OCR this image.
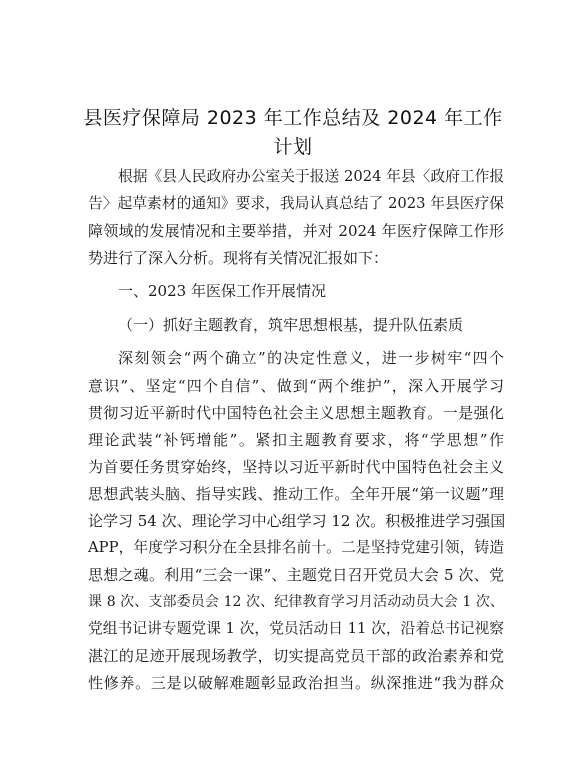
县医疗保障局 2023 年工作总结及 2024 年工作
计划
根据《县人民政府办公室关于报送 2024 年县〈政府工作报
告〉起草素材的通知》要求，我局认真总结了 2023 年县医疗保
障领域的发展情况和主要举措，并对 2024 年医疗保障工作形
势进行了深入分析。现将有关情况汇报如下：
一、2023 年医保工作开展情况
（一）抓好主题教育，筑牢思想根基，提升队伍素质
深刻领会“两个确立”的决定性意义，进一步树牢“四个
意识”、坚定“四个自信”、做到“两个维护”，深入开展学习
贯彻习近平新时代中国特色社会主义思想主题教育。一是强化
理论武装“补钙增能”。紧扣主题教育要求，将“学思想”作
为首要任务贯穿始终，坚持以习近平新时代中国特色社会主义
思想武装头脑、指导实践、推动工作。全年开展“第一议题”理
论学习 54 次、理论学习中心组学习 12 次。积极推进学习强国
APP，年度学习积分在全县排名前十。二是坚持党建引领，铸造
思想之魂。利用“三会一课”、主题党日召开党员大会 5 次、党
课 8 次、支部委员会 12 次、纪律教育学习月活动动员大会 1 次、
党组书记讲专题党课 1 次，党员活动日 11 次，沿着总书记视察
湛江的足迹开展现场教学，切实提高党员干部的政治素养和党
性修养。三是以破解难题彰显政治担当。纵深推进“我为群众
